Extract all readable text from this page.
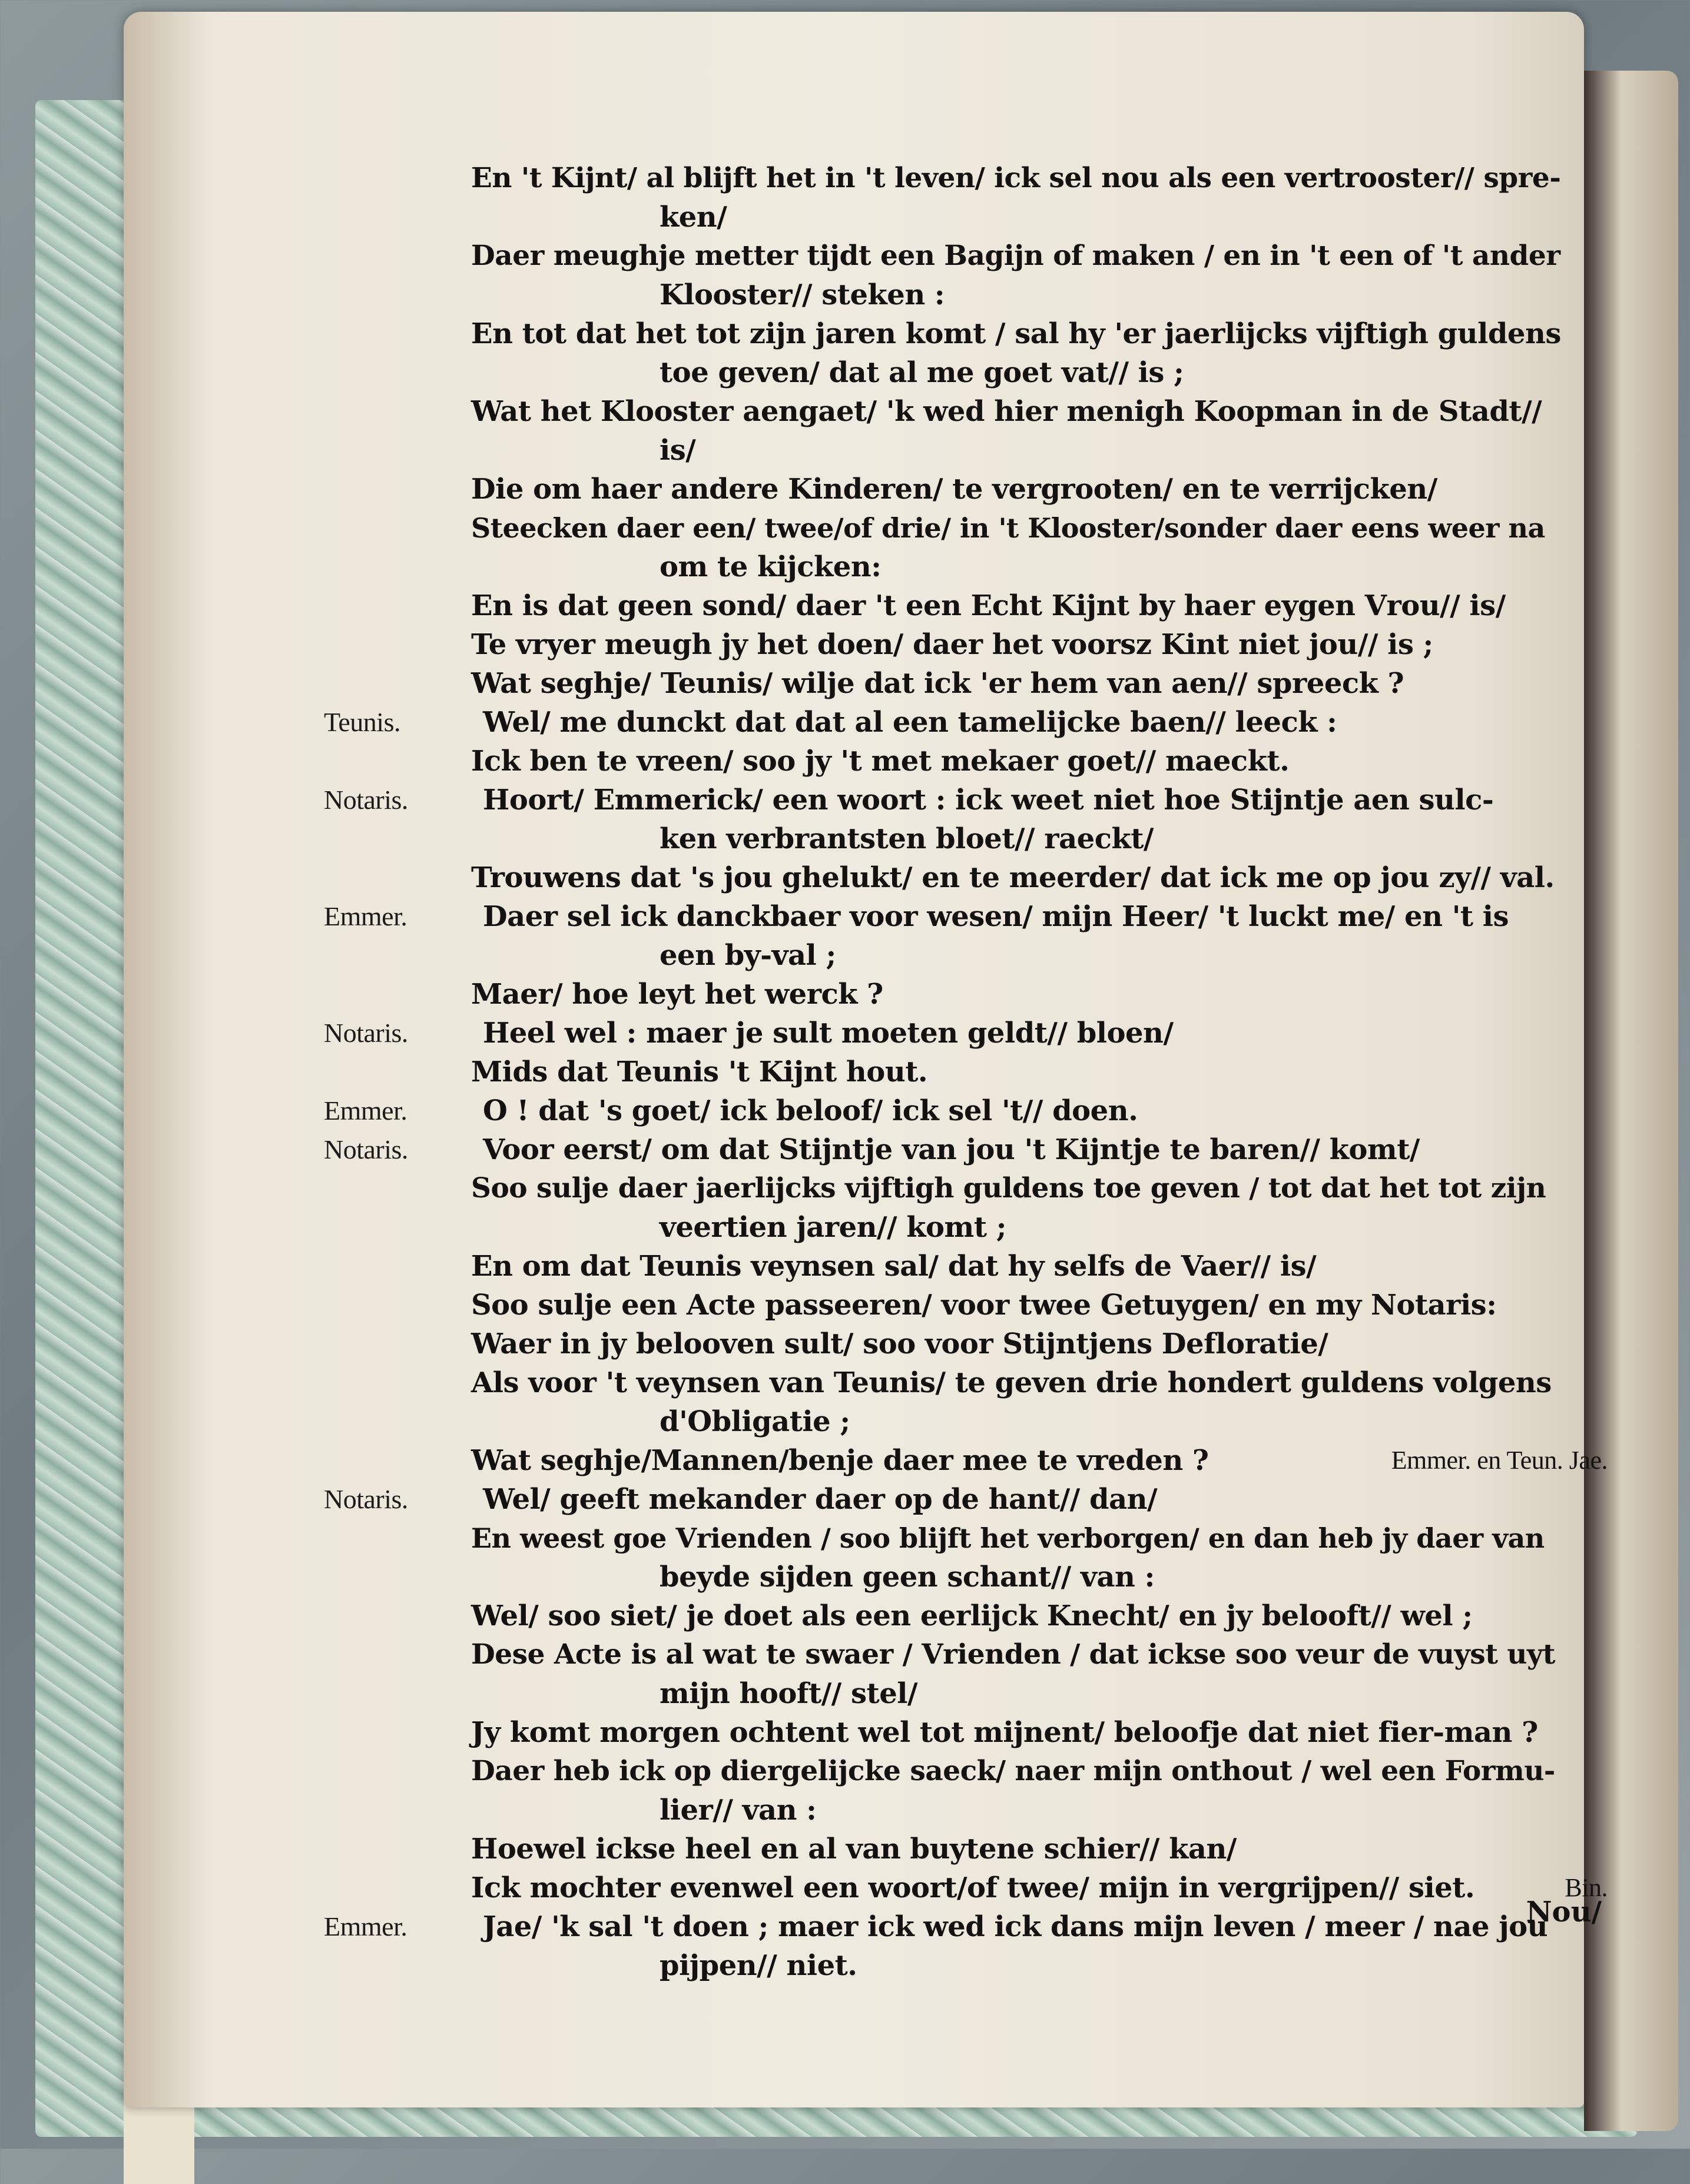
En 't Kijnt/ al blijft het in 't leven/ ick sel nou als een vertrooster// spre-
ken/
Daer meughje metter tijdt een Bagijn of maken / en in 't een of 't ander
Klooster// steken :
En tot dat het tot zijn jaren komt / sal hy 'er jaerlijcks vijftigh guldens
toe geven/ dat al me goet vat// is ;
Wat het Klooster aengaet/ 'k wed hier menigh Koopman in de Stadt//
is/
Die om haer andere Kinderen/ te vergrooten/ en te verrijcken/
Steecken daer een/ twee/of drie/ in 't Klooster/sonder daer eens weer na
om te kijcken:
En is dat geen sond/ daer 't een Echt Kijnt by haer eygen Vrou// is/
Te vryer meugh jy het doen/ daer het voorsz Kint niet jou// is ;
Wat seghje/ Teunis/ wilje dat ick 'er hem van aen// spreeck ?
Teunis.	Wel/ me dunckt dat dat al een tamelijcke baen// leeck :
Ick ben te vreen/ soo jy 't met mekaer goet// maeckt.
Notaris.	Hoort/ Emmerick/ een woort : ick weet niet hoe Stijntje aen sulc-
ken verbrantsten bloet// raeckt/
Trouwens dat 's jou ghelukt/ en te meerder/ dat ick me op jou zy// val.
Emmer.	Daer sel ick danckbaer voor wesen/ mijn Heer/ 't luckt me/ en 't is
een by-val ;
Maer/ hoe leyt het werck ?
Notaris.	Heel wel : maer je sult moeten geldt// bloen/
Mids dat Teunis 't Kijnt hout.
Emmer.	O ! dat 's goet/ ick beloof/ ick sel 't// doen.
Notaris.	Voor eerst/ om dat Stijntje van jou 't Kijntje te baren// komt/
Soo sulje daer jaerlijcks vijftigh guldens toe geven / tot dat het tot zijn
veertien jaren// komt ;
En om dat Teunis veynsen sal/ dat hy selfs de Vaer// is/
Soo sulje een Acte passeeren/ voor twee Getuygen/ en my Notaris:
Waer in jy belooven sult/ soo voor Stijntjens Defloratie/
Als voor 't veynsen van Teunis/ te geven drie hondert guldens volgens
d'Obligatie ;
Wat seghje/Mannen/benje daer mee te vreden ?	Emmer. en Teun. Jae.
Notaris.	Wel/ geeft mekander daer op de hant// dan/
En weest goe Vrienden / soo blijft het verborgen/ en dan heb jy daer van
beyde sijden geen schant// van :
Wel/ soo siet/ je doet als een eerlijck Knecht/ en jy belooft// wel ;
Dese Acte is al wat te swaer / Vrienden / dat ickse soo veur de vuyst uyt
mijn hooft// stel/
Jy komt morgen ochtent wel tot mijnent/ beloofje dat niet fier-man ?
Daer heb ick op diergelijcke saeck/ naer mijn onthout / wel een Formu-
lier// van :
Hoewel ickse heel en al van buytene schier// kan/
Ick mochter evenwel een woort/of twee/ mijn in vergrijpen// siet.	Bin.
Emmer.	Jae/ 'k sal 't doen ; maer ick wed ick dans mijn leven / meer / nae jou
pijpen// niet.
Nou/
